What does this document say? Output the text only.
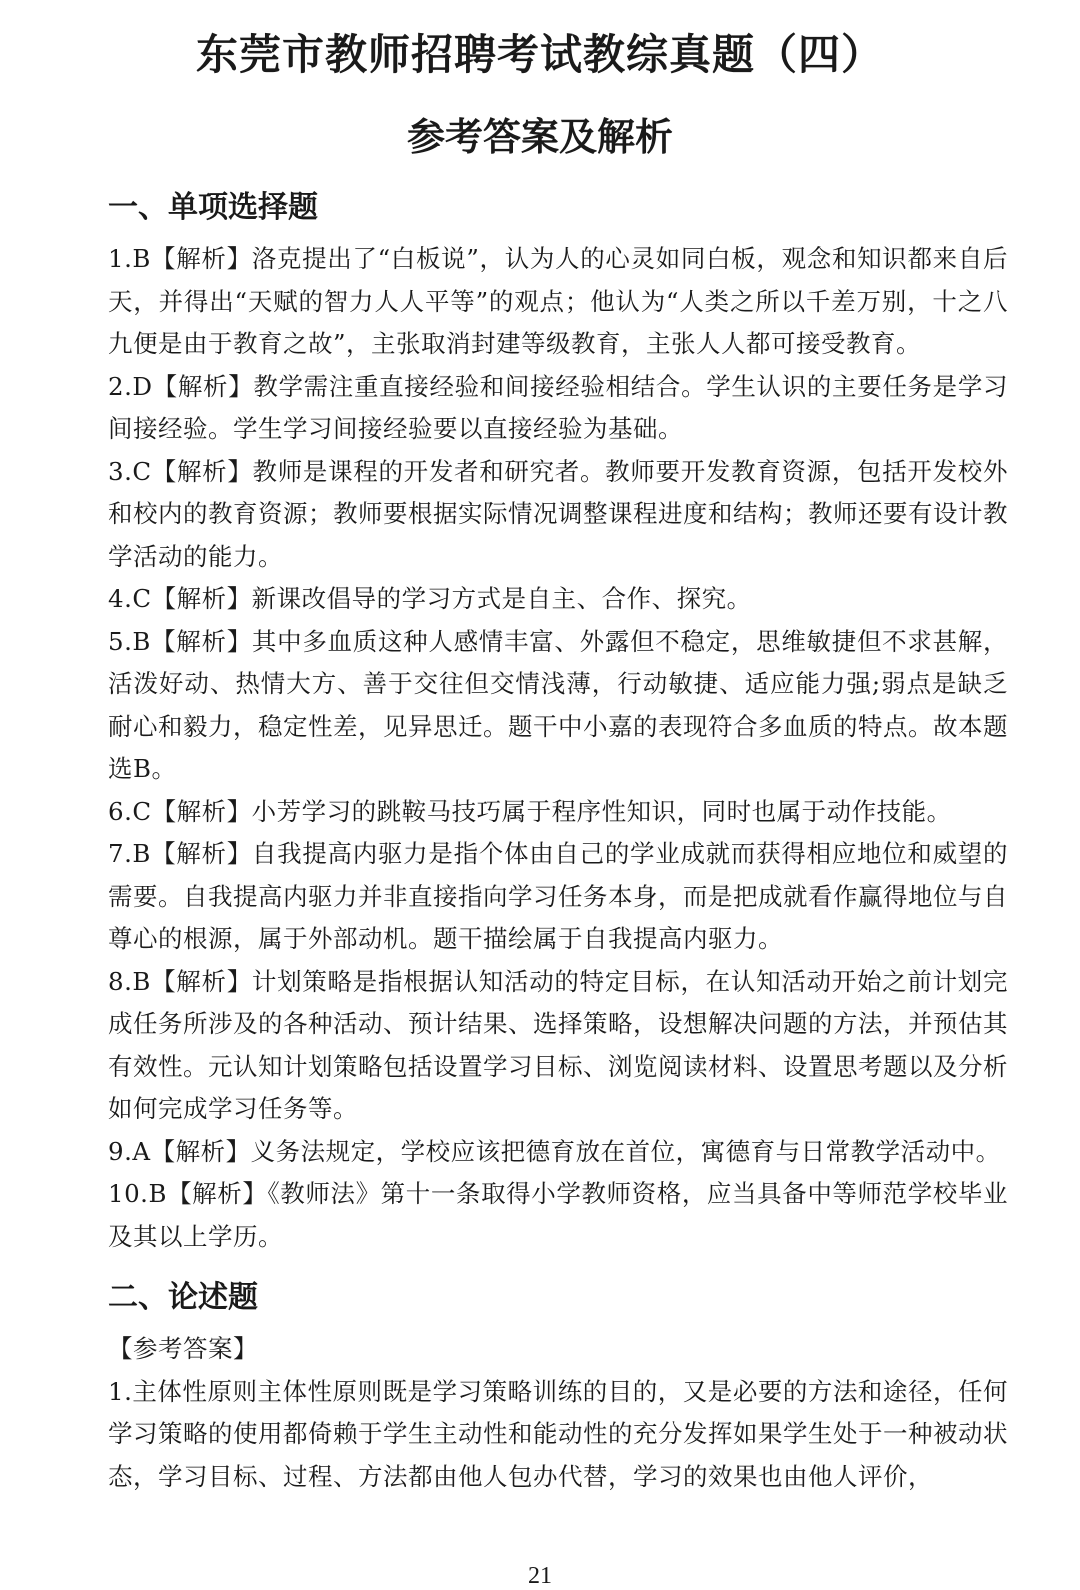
东莞市教师招聘考试教综真题（四）
参考答案及解析
一、单项选择题

1.B【解析】洛克提出了“白板说”，认为人的心灵如同白板，观念和知识都来自后天，并得出“天赋的智力人人平等”的观点；他认为“人类之所以千差万别，十之八九便是由于教育之故”，主张取消封建等级教育，主张人人都可接受教育。

2.D【解析】教学需注重直接经验和间接经验相结合。学生认识的主要任务是学习间接经验。学生学习间接经验要以直接经验为基础。

3.C【解析】教师是课程的开发者和研究者。教师要开发教育资源，包括开发校外和校内的教育资源；教师要根据实际情况调整课程进度和结构；教师还要有设计教学活动的能力。

4.C【解析】新课改倡导的学习方式是自主、合作、探究。

5.B【解析】其中多血质这种人感情丰富、外露但不稳定，思维敏捷但不求甚解，活泼好动、热情大方、善于交往但交情浅薄，行动敏捷、适应能力强;弱点是缺乏耐心和毅力，稳定性差，见异思迁。题干中小嘉的表现符合多血质的特点。故本题选B。

6.C【解析】小芳学习的跳鞍马技巧属于程序性知识，同时也属于动作技能。

7.B【解析】自我提高内驱力是指个体由自己的学业成就而获得相应地位和威望的需要。自我提高内驱力并非直接指向学习任务本身，而是把成就看作赢得地位与自尊心的根源，属于外部动机。题干描绘属于自我提高内驱力。

8.B【解析】计划策略是指根据认知活动的特定目标，在认知活动开始之前计划完成任务所涉及的各种活动、预计结果、选择策略，设想解决问题的方法，并预估其有效性。元认知计划策略包括设置学习目标、浏览阅读材料、设置思考题以及分析如何完成学习任务等。

9.A【解析】义务法规定，学校应该把德育放在首位，寓德育与日常教学活动中。

10.B【解析】《教师法》第十一条取得小学教师资格，应当具备中等师范学校毕业及其以上学历。

二、论述题

【参考答案】

1.主体性原则主体性原则既是学习策略训练的目的，又是必要的方法和途径，任何学习策略的使用都倚赖于学生主动性和能动性的充分发挥如果学生处于一种被动状态，学习目标、过程、方法都由他人包办代替，学习的效果也由他人评价，

21
